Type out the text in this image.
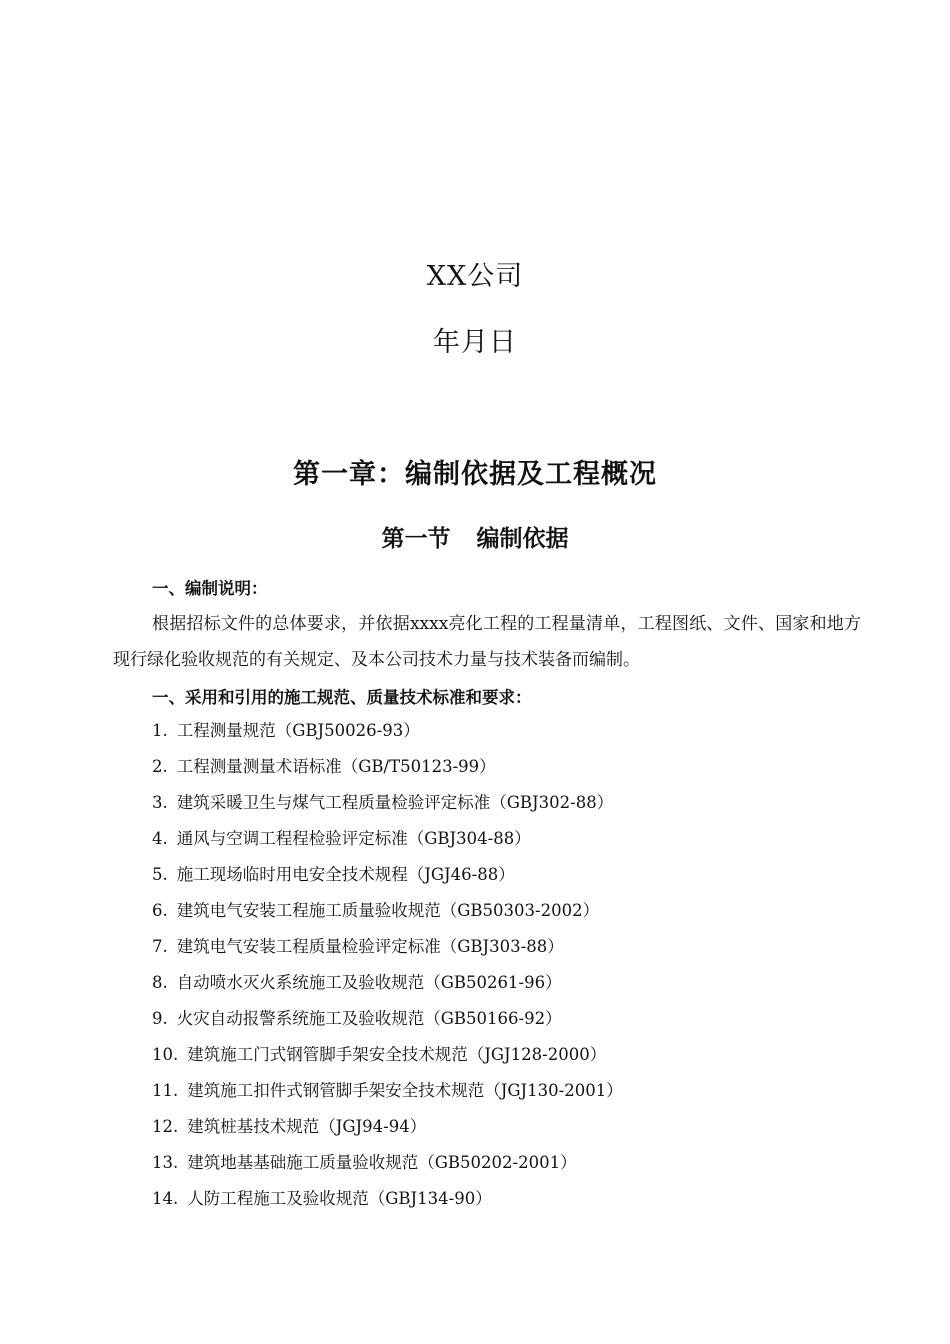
XX公司
年月日
第一章：编制依据及工程概况
第一节 编制依据
一、编制说明：
根据招标文件的总体要求，并依据xxxx亮化工程的工程量清单，工程图纸、文件、国家和地方现行绿化验收规范的有关规定、及本公司技术力量与技术装备而编制。
一、采用和引用的施工规范、质量技术标准和要求：
1. 工程测量规范（GBJ50026-93）
2. 工程测量测量术语标准（GB/T50123-99）
3. 建筑采暖卫生与煤气工程质量检验评定标准（GBJ302-88）
4. 通风与空调工程程检验评定标准（GBJ304-88）
5. 施工现场临时用电安全技术规程（JGJ46-88）
6. 建筑电气安装工程施工质量验收规范（GB50303-2002）
7. 建筑电气安装工程质量检验评定标准（GBJ303-88）
8. 自动喷水灭火系统施工及验收规范（GB50261-96）
9. 火灾自动报警系统施工及验收规范（GB50166-92）
10. 建筑施工门式钢管脚手架安全技术规范（JGJ128-2000）
11. 建筑施工扣件式钢管脚手架安全技术规范（JGJ130-2001）
12. 建筑桩基技术规范（JGJ94-94）
13. 建筑地基基础施工质量验收规范（GB50202-2001）
14. 人防工程施工及验收规范（GBJ134-90）
